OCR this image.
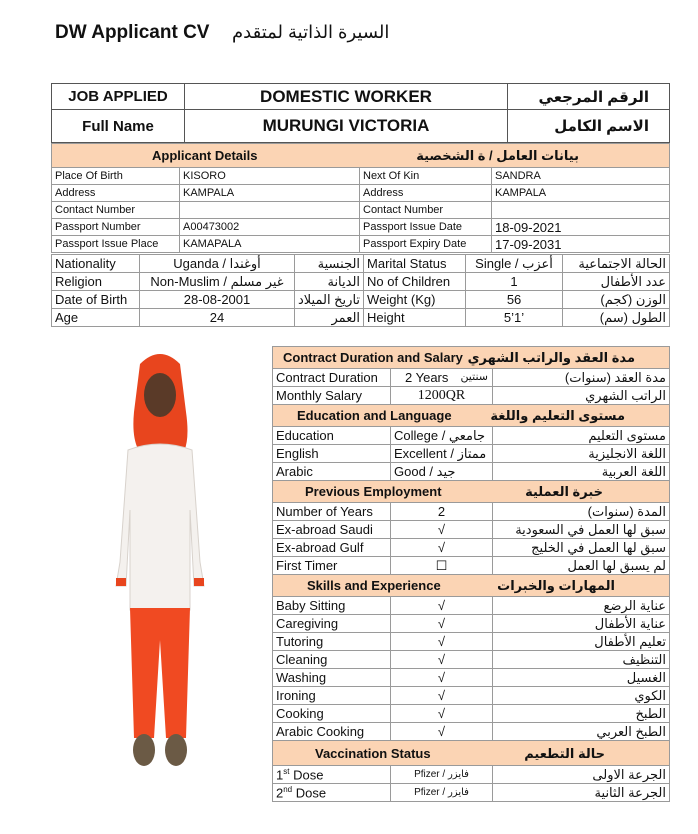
DW Applicant CV السيرة الذاتية لمتقدم
JOB APPLIED	DOMESTIC WORKER	الرقم المرجعي
Full Name	MURUNGI VICTORIA	الاسم الكامل
Applicant Details بيانات العامل / ة الشخصية			

Place Of Birth	KISORO	Next Of Kin	SANDRA
Address	KAMPALA	Address	KAMPALA
Contact Number		Contact Number	
Passport Number	A00473002	Passport Issue Date	18-09-2021
Passport Issue Place	KAMAPALA	Passport Expiry Date	17-09-2031
Nationality	Uganda / أوغندا	الجنسية	Marital Status	Single / أعزب	الحالة الاجتماعية
Religion	Non-Muslim / غير مسلم	الديانة	No of Children	1	عدد الأطفال
Date of Birth	28-08-2001	تاريخ الميلاد	Weight (Kg)	56	الوزن (كجم)
Age	24	العمر	Height	5’1’	الطول (سم)
Contract Duration and Salary مدة العقد والراتب الشهري		

Contract Duration	2 Years سنتين	مدة العقد (سنوات)
Monthly Salary	1200QR	الراتب الشهري

Education and Language مستوى التعليم واللغة		

Education	College / جامعي	مستوى التعليم
English	Excellent / ممتاز	اللغة الانجليزية
Arabic	Good / جيد	اللغة العربية

Previous Employment خبرة العملية		

Number of Years	2	المدة (سنوات)
Ex-abroad Saudi	√	سبق لها العمل في السعودية
Ex-abroad Gulf	√	سبق لها العمل في الخليج
First Timer	☐	لم يسبق لها العمل

Skills and Experience المهارات والخبرات		

Baby Sitting	√	عناية الرضع
Caregiving	√	عناية الأطفال
Tutoring	√	تعليم الأطفال
Cleaning	√	التنظيف
Washing	√	الغسيل
Ironing	√	الكوي
Cooking	√	الطبخ
Arabic Cooking	√	الطبخ العربي

Vaccination Status حالة التطعيم		

1st Dose	Pfizer / فايزر	الجرعة الاولى
2nd Dose	Pfizer / فايزر	الجرعة الثانية
